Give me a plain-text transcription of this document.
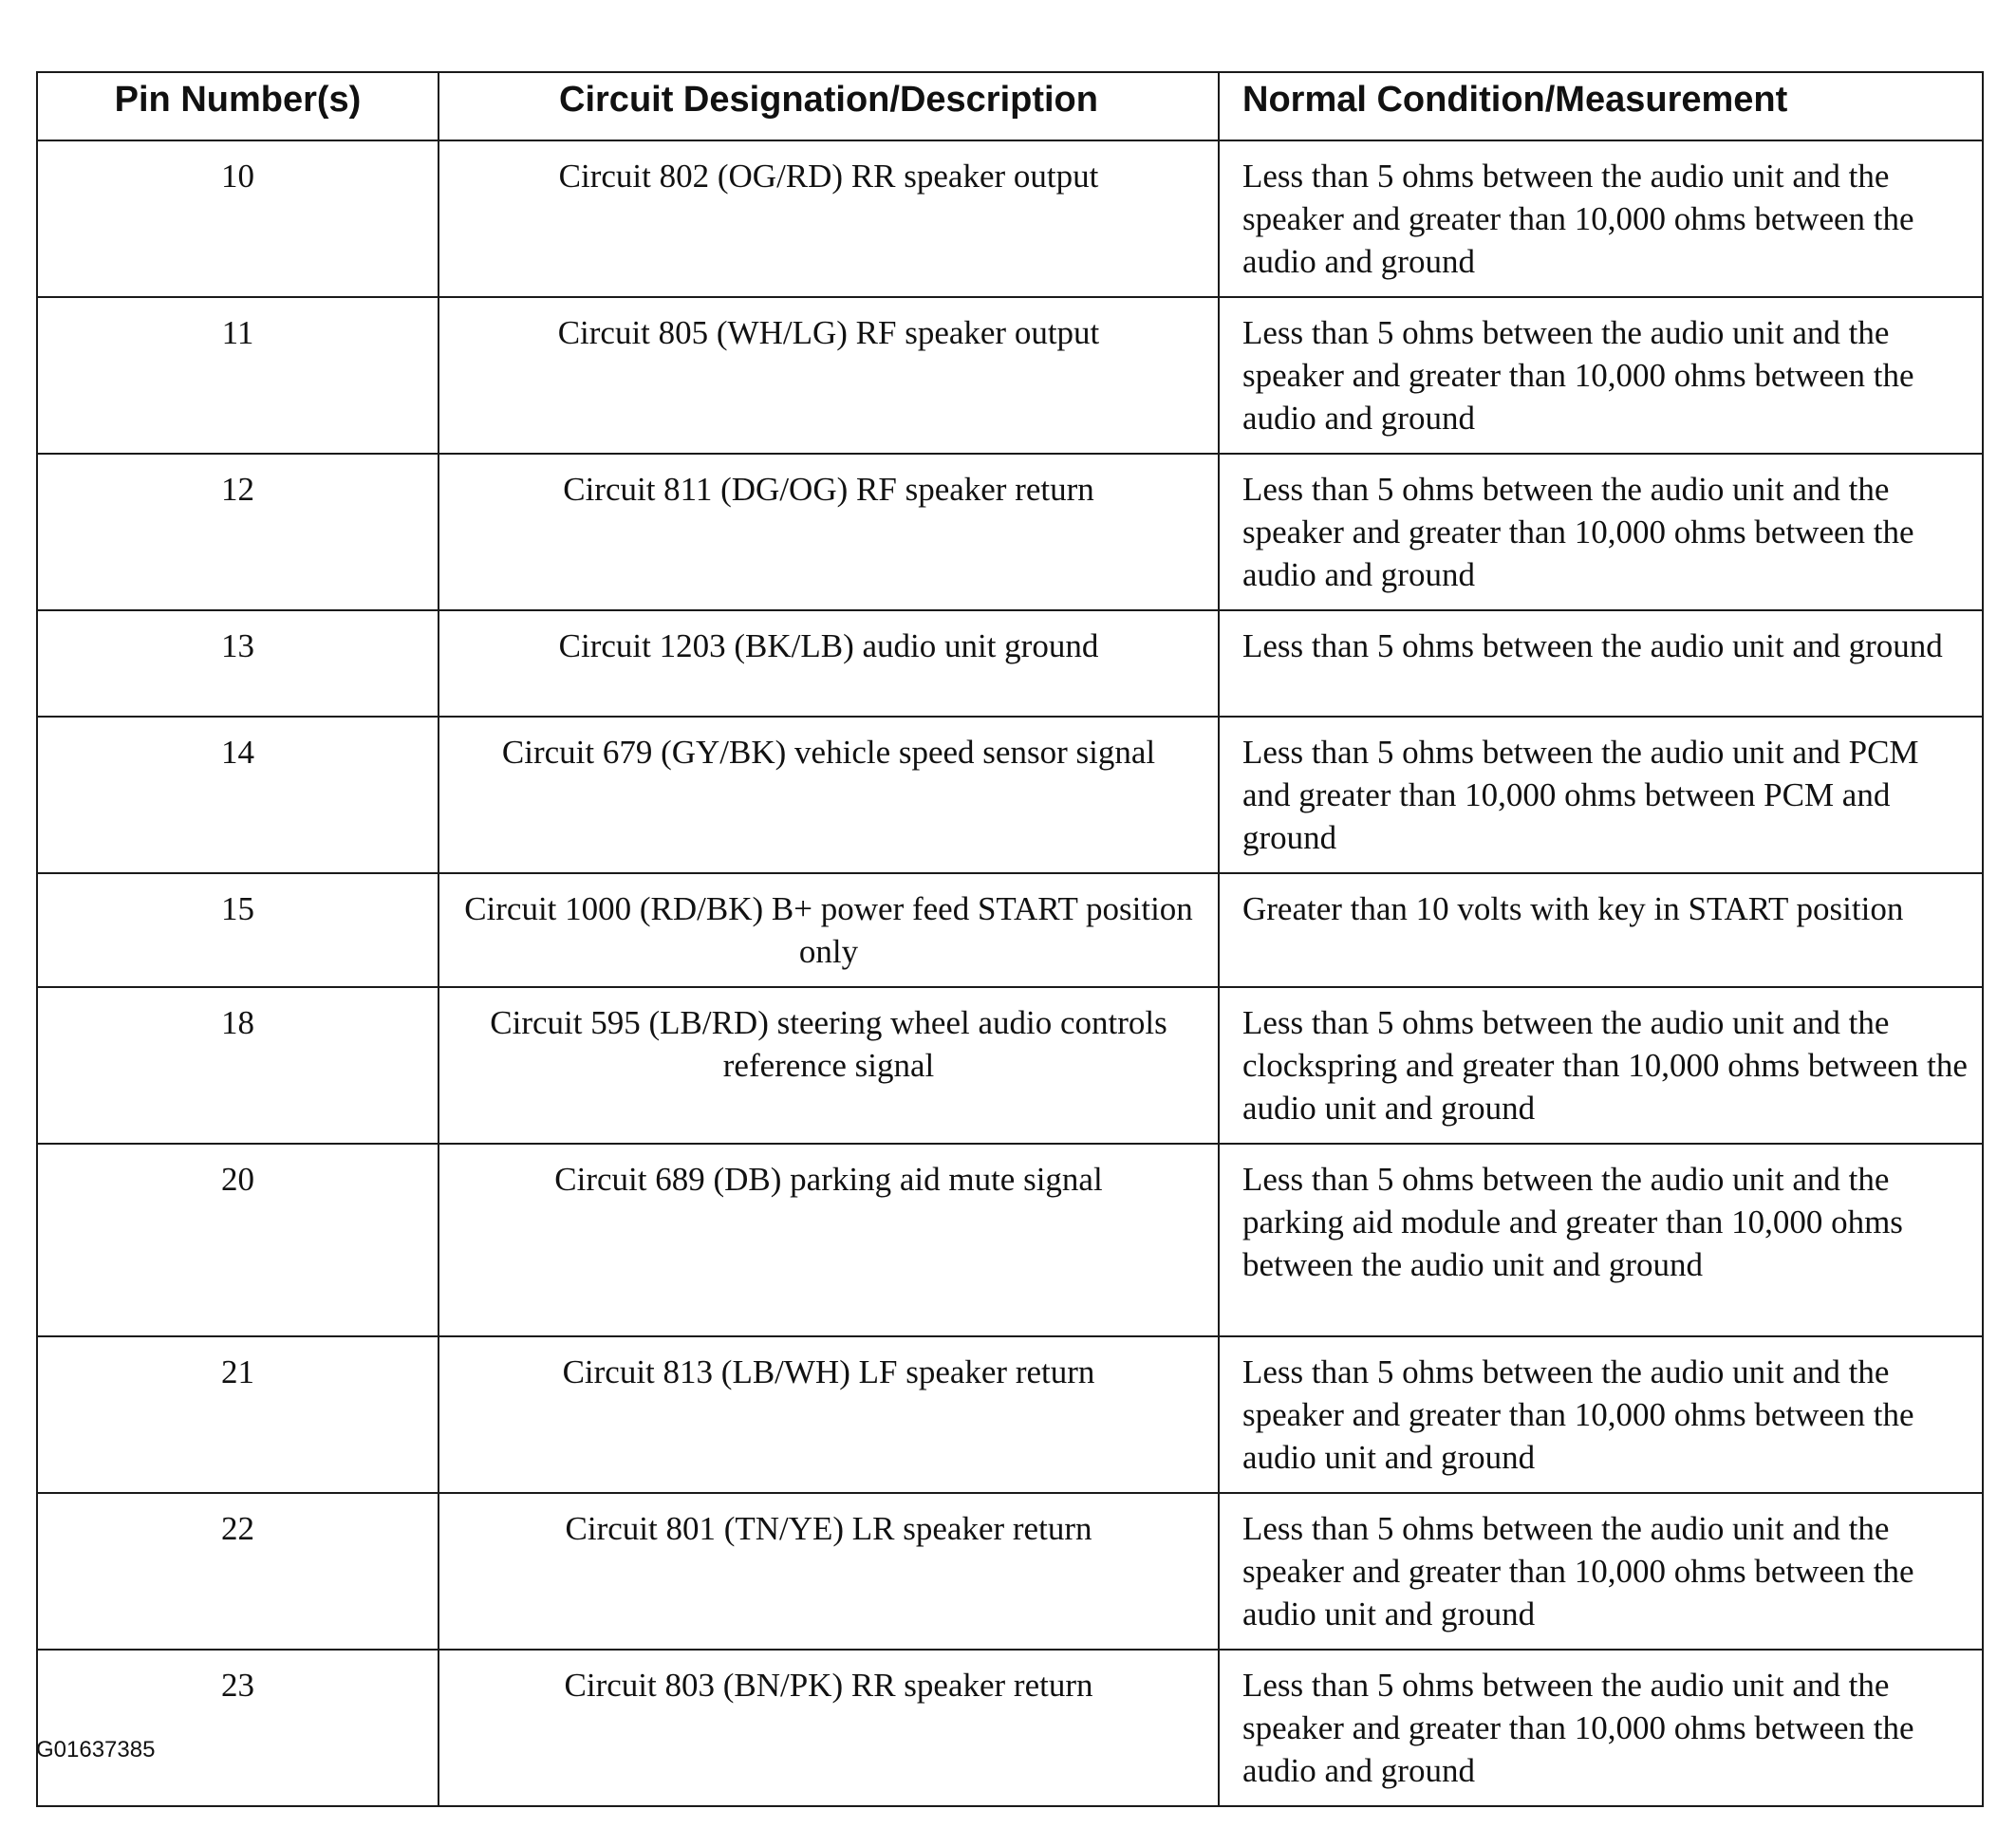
Pin Number(s)	Circuit Designation/Description	Normal Condition/Measurement
10	Circuit 802 (OG/RD) RR speaker output	Less than 5 ohms between the audio unit and the speaker and greater than 10,000 ohms between the audio and ground
11	Circuit 805 (WH/LG) RF speaker output	Less than 5 ohms between the audio unit and the speaker and greater than 10,000 ohms between the audio and ground
12	Circuit 811 (DG/OG) RF speaker return	Less than 5 ohms between the audio unit and the speaker and greater than 10,000 ohms between the audio and ground
13	Circuit 1203 (BK/LB) audio unit ground	Less than 5 ohms between the audio unit and ground
14	Circuit 679 (GY/BK) vehicle speed sensor signal	Less than 5 ohms between the audio unit and PCM and greater than 10,000 ohms between PCM and ground
15	Circuit 1000 (RD/BK) B+ power feed START position only	Greater than 10 volts with key in START position
18	Circuit 595 (LB/RD) steering wheel audio controls reference signal	Less than 5 ohms between the audio unit and the clockspring and greater than 10,000 ohms between the audio unit and ground
20	Circuit 689 (DB) parking aid mute signal	Less than 5 ohms between the audio unit and the parking aid module and greater than 10,000 ohms between the audio unit and ground
21	Circuit 813 (LB/WH) LF speaker return	Less than 5 ohms between the audio unit and the speaker and greater than 10,000 ohms between the audio unit and ground
22	Circuit 801 (TN/YE) LR speaker return	Less than 5 ohms between the audio unit and the speaker and greater than 10,000 ohms between the audio unit and ground
23	Circuit 803 (BN/PK) RR speaker return	Less than 5 ohms between the audio unit and the speaker and greater than 10,000 ohms between the audio and ground
G01637385
